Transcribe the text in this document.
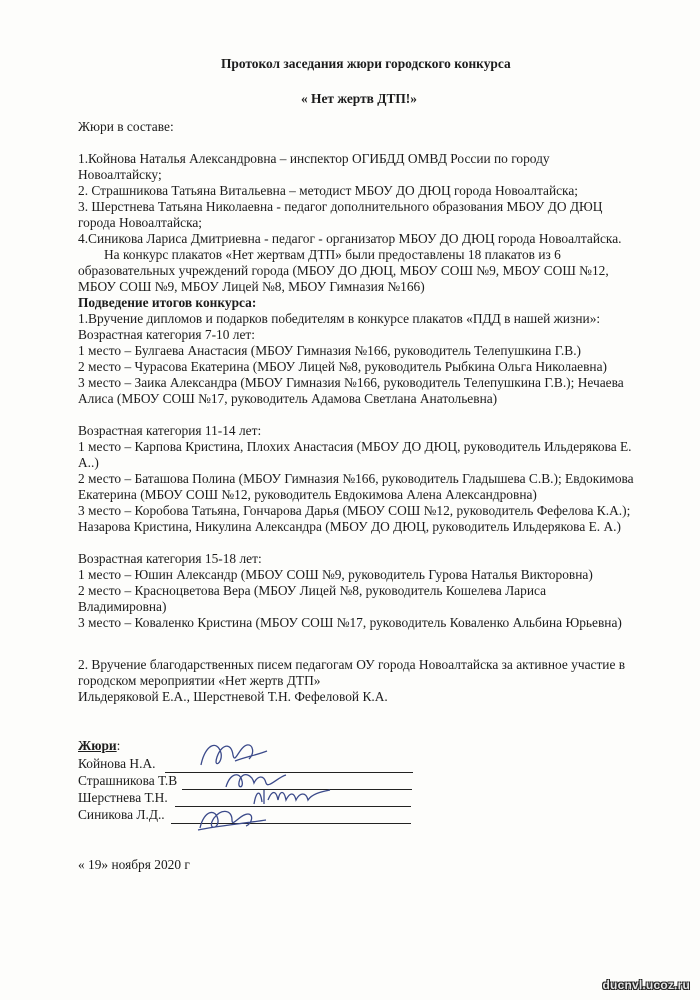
Протокол заседания жюри городского конкурса
« Нет жертв ДТП!»
Жюри в составе:
1.Койнова Наталья Александровна – инспектор ОГИБДД ОМВД России по городу
Новоалтайску;
2. Страшникова Татьяна Витальевна – методист МБОУ ДО ДЮЦ города Новоалтайска;
3. Шерстнева Татьяна Николаевна - педагог дополнительного образования МБОУ ДО ДЮЦ
города Новоалтайска;
4.Синикова Лариса Дмитриевна - педагог - организатор МБОУ ДО ДЮЦ города Новоалтайска.
На конкурс плакатов «Нет жертвам ДТП» были предоставлены 18 плакатов из 6
образовательных учреждений города (МБОУ ДО ДЮЦ, МБОУ СОШ №9, МБОУ СОШ №12,
МБОУ СОШ №9, МБОУ Лицей №8, МБОУ Гимназия №166)
Подведение итогов конкурса:
1.Вручение дипломов и подарков победителям в конкурсе плакатов «ПДД в нашей жизни»:
Возрастная категория 7-10 лет:
1 место – Булгаева Анастасия (МБОУ Гимназия №166, руководитель Телепушкина Г.В.)
2 место – Чурасова Екатерина (МБОУ Лицей №8, руководитель Рыбкина Ольга Николаевна)
3 место – Заика Александра (МБОУ Гимназия №166, руководитель Телепушкина Г.В.); Нечаева
Алиса (МБОУ СОШ №17, руководитель Адамова Светлана Анатольевна)
Возрастная категория 11-14 лет:
1 место – Карпова Кристина, Плохих Анастасия (МБОУ ДО ДЮЦ, руководитель Ильдерякова Е.
А..)
2 место – Баташова Полина (МБОУ Гимназия №166, руководитель Гладышева С.В.); Евдокимова
Екатерина (МБОУ СОШ №12, руководитель Евдокимова Алена Александровна)
3 место – Коробова Татьяна, Гончарова Дарья (МБОУ СОШ №12, руководитель Фефелова К.А.);
Назарова Кристина, Никулина Александра (МБОУ ДО ДЮЦ, руководитель Ильдерякова Е. А.)
Возрастная категория 15-18 лет:
1 место – Юшин Александр (МБОУ СОШ №9, руководитель Гурова Наталья Викторовна)
2 место – Красноцветова Вера (МБОУ Лицей №8, руководитель Кошелева Лариса
Владимировна)
3 место – Коваленко Кристина (МБОУ СОШ №17, руководитель Коваленко Альбина Юрьевна)
2. Вручение благодарственных писем педагогам ОУ города Новоалтайска за активное участие в
городском мероприятии «Нет жертв ДТП»
Ильдеряковой Е.А., Шерстневой Т.Н. Фефеловой К.А.
Жюри:
Койнова Н.А.
Страшникова Т.В
Шерстнева Т.Н.
Синикова Л.Д..
« 19» ноября 2020 г
ducnvl.ucoz.ru
